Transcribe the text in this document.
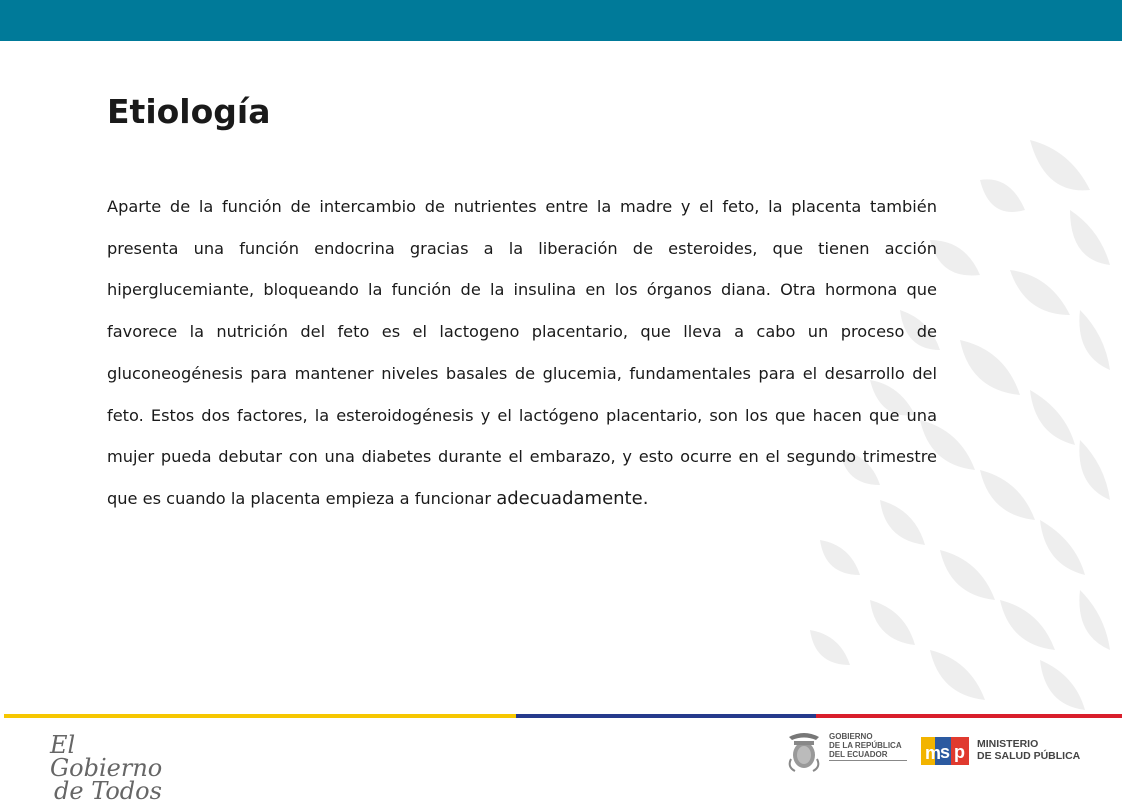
Etiología

Aparte de la función de intercambio de nutrientes entre la madre y el feto, la placenta también presenta una función endocrina gracias a la liberación de esteroides, que tienen acción hiperglucemiante, bloqueando la función de la insulina en los órganos diana. Otra hormona que favorece la nutrición del feto es el lactogeno placentario, que lleva a cabo un proceso de gluconeogénesis para mantener niveles basales de glucemia, fundamentales para el desarrollo del feto. Estos dos factores, la esteroidogénesis y el lactógeno placentario, son los que hacen que una mujer pueda debutar con una diabetes durante el embarazo, y esto ocurre en el segundo trimestre que es cuando la placenta empieza a funcionar adecuadamente.

El Gobierno
de Todos
GOBIERNO
DE LA REPÚBLICA
DEL ECUADOR	m
s p MINISTERIO
DE SALUD PÚBLICA
